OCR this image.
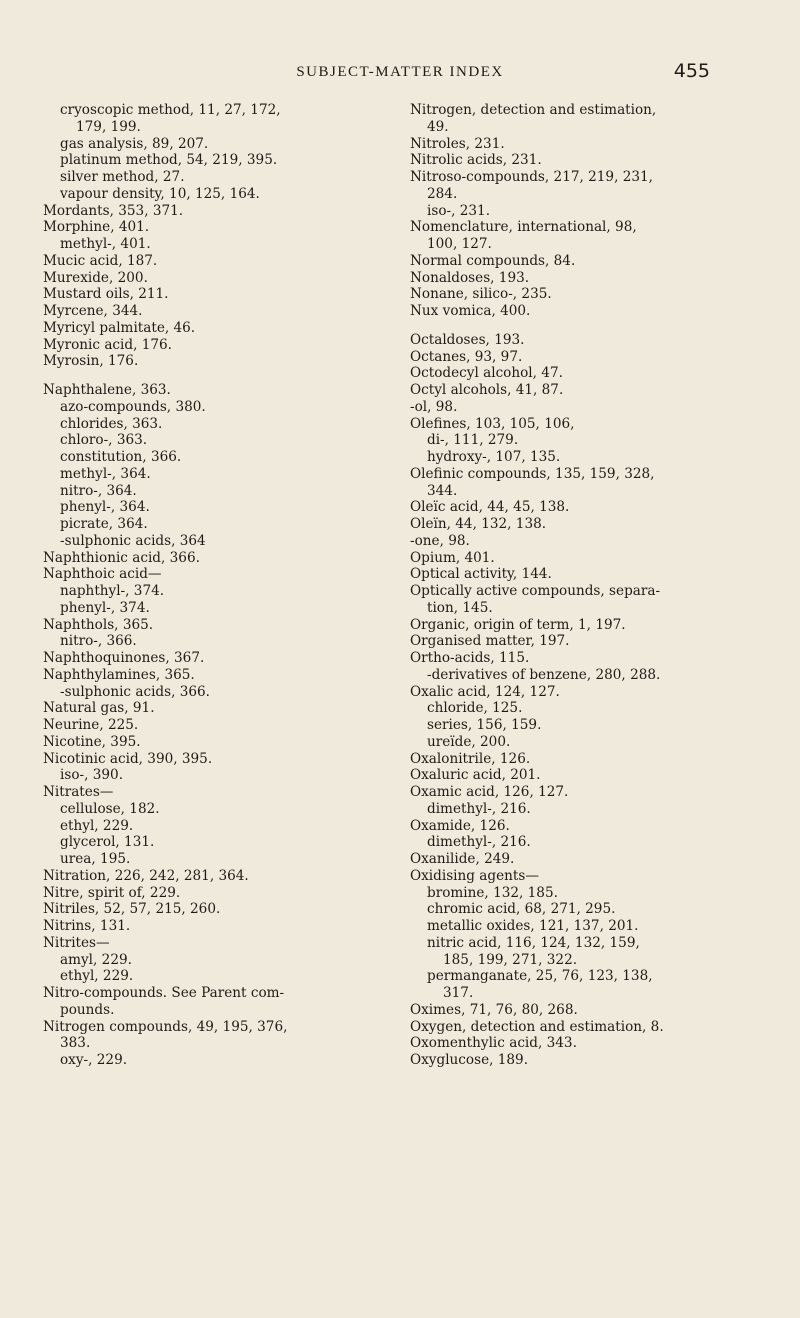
SUBJECT-MATTER INDEX	455
cryoscopic method, 11, 27, 172,
179, 199.
gas analysis, 89, 207.
platinum method, 54, 219, 395.
silver method, 27.
vapour density, 10, 125, 164.
Mordants, 353, 371.
Morphine, 401.
methyl-, 401.
Mucic acid, 187.
Murexide, 200.
Mustard oils, 211.
Myrcene, 344.
Myricyl palmitate, 46.
Myronic acid, 176.
Myrosin, 176.
Naphthalene, 363.
azo-compounds, 380.
chlorides, 363.
chloro-, 363.
constitution, 366.
methyl-, 364.
nitro-, 364.
phenyl-, 364.
picrate, 364.
-sulphonic acids, 364
Naphthionic acid, 366.
Naphthoic acid—
naphthyl-, 374.
phenyl-, 374.
Naphthols, 365.
nitro-, 366.
Naphthoquinones, 367.
Naphthylamines, 365.
-sulphonic acids, 366.
Natural gas, 91.
Neurine, 225.
Nicotine, 395.
Nicotinic acid, 390, 395.
iso-, 390.
Nitrates—
cellulose, 182.
ethyl, 229.
glycerol, 131.
urea, 195.
Nitration, 226, 242, 281, 364.
Nitre, spirit of, 229.
Nitriles, 52, 57, 215, 260.
Nitrins, 131.
Nitrites—
amyl, 229.
ethyl, 229.
Nitro-compounds. See Parent com-
pounds.
Nitrogen compounds, 49, 195, 376,
383.
oxy-, 229.
Nitrogen, detection and estimation,
49.
Nitroles, 231.
Nitrolic acids, 231.
Nitroso-compounds, 217, 219, 231,
284.
iso-, 231.
Nomenclature, international, 98,
100, 127.
Normal compounds, 84.
Nonaldoses, 193.
Nonane, silico-, 235.
Nux vomica, 400.
Octaldoses, 193.
Octanes, 93, 97.
Octodecyl alcohol, 47.
Octyl alcohols, 41, 87.
-ol, 98.
Olefines, 103, 105, 106,
di-, 111, 279.
hydroxy-, 107, 135.
Olefinic compounds, 135, 159, 328,
344.
Oleïc acid, 44, 45, 138.
Oleïn, 44, 132, 138.
-one, 98.
Opium, 401.
Optical activity, 144.
Optically active compounds, separa-
tion, 145.
Organic, origin of term, 1, 197.
Organised matter, 197.
Ortho-acids, 115.
-derivatives of benzene, 280, 288.
Oxalic acid, 124, 127.
chloride, 125.
series, 156, 159.
ureïde, 200.
Oxalonitrile, 126.
Oxaluric acid, 201.
Oxamic acid, 126, 127.
dimethyl-, 216.
Oxamide, 126.
dimethyl-, 216.
Oxanilide, 249.
Oxidising agents—
bromine, 132, 185.
chromic acid, 68, 271, 295.
metallic oxides, 121, 137, 201.
nitric acid, 116, 124, 132, 159,
185, 199, 271, 322.
permanganate, 25, 76, 123, 138,
317.
Oximes, 71, 76, 80, 268.
Oxygen, detection and estimation, 8.
Oxomenthylic acid, 343.
Oxyglucose, 189.
